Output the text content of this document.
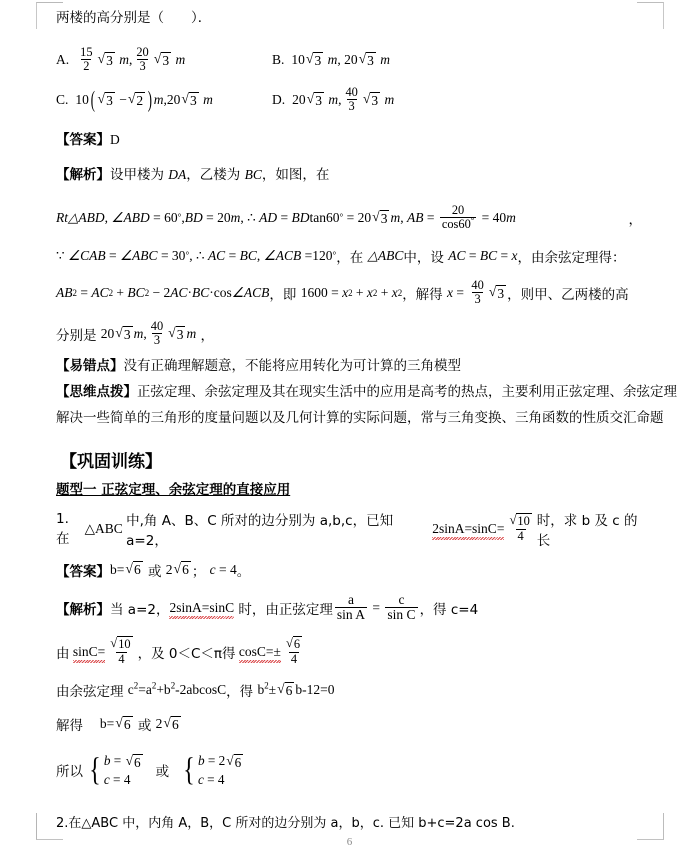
两楼的高分别是（　　）．
A. $\frac{15}{2}$ √ 3 m , $\frac{20}{3}$ √ 3 m	B. 10 √ 3 m , 20 √ 3 m
C. 10 ( √ 3 − √ 2 ) m , 20 √ 3 m	D. 20 √ 3 m , $\frac{40}{3}$ √ 3 m
【答案】D
【解析】设甲楼为 DA，乙楼为 BC，如图，在
Rt △ABD , ∠ABD = 60 ° , BD = 20 m , ∴ AD = BD tan 60 ° = 20 √ 3 m , AB = $\frac{20}{\cos 60^\circ} = 40$ m	，
∵ ∠CAB = ∠ABC = 30 ° , ∴ AC = BC , ∠ACB =120 ° ，在 △ABC 中，设 AC = BC = x ，由余弦定理得：
AB 2 = AC 2 + BC 2 − 2 AC · BC · cos ∠ACB ，即 1600 = x 2 + x 2 + x 2 ，解得 $x = \frac{40}{3}$ √ 3 ，则甲、乙两楼的高
分别是 20 √ 3 m , $\frac{40}{3}$ √ 3 m ，
【易错点】没有正确理解题意，不能将应用转化为可计算的三角模型
【思维点拨】正弦定理、余弦定理及其在现实生活中的应用是高考的热点，主要利用正弦定理、余弦定理
解决一些简单的三角形的度量问题以及几何计算的实际问题，常与三角变换、三角函数的性质交汇命题
【巩固训练】
题型一 正弦定理、余弦定理的直接应用
1.在
△ABC 中,角 A、B、C 所对的边分别为 a,b,c，已知 a=2，

$2\sin A=\sin C= \frac{√ 10}{4}$ 时，求 b 及 c 的长
【答案】 b= √ 6 或 2 √ 6 ； c = 4 。
【解析】 当 a=2， 2sinA=sinC 时，由正弦定理 $\frac{a}{\text{sin A}} = \frac{c}{\text{sin C}}$ ，得 c=4
由
$\sin C= \frac{√ 10}{4}$ ，及 0＜C＜π得
$\cos C=\pm \frac{√ 6}{4}$
由余弦定理 $c^2=a^2+b^2-2abcosC$ ，得 $b^2\pm$ √ 6 b-12=0
解得
b= √ 6 或 2 √ 6
所以 { b = √ 6
c = 4	或 { b = 2 √ 6
c = 4
2.在△ABC 中，内角 A，B，C 所对的边分别为 a，b，c. 已知 b+c=2a cos B.
6
